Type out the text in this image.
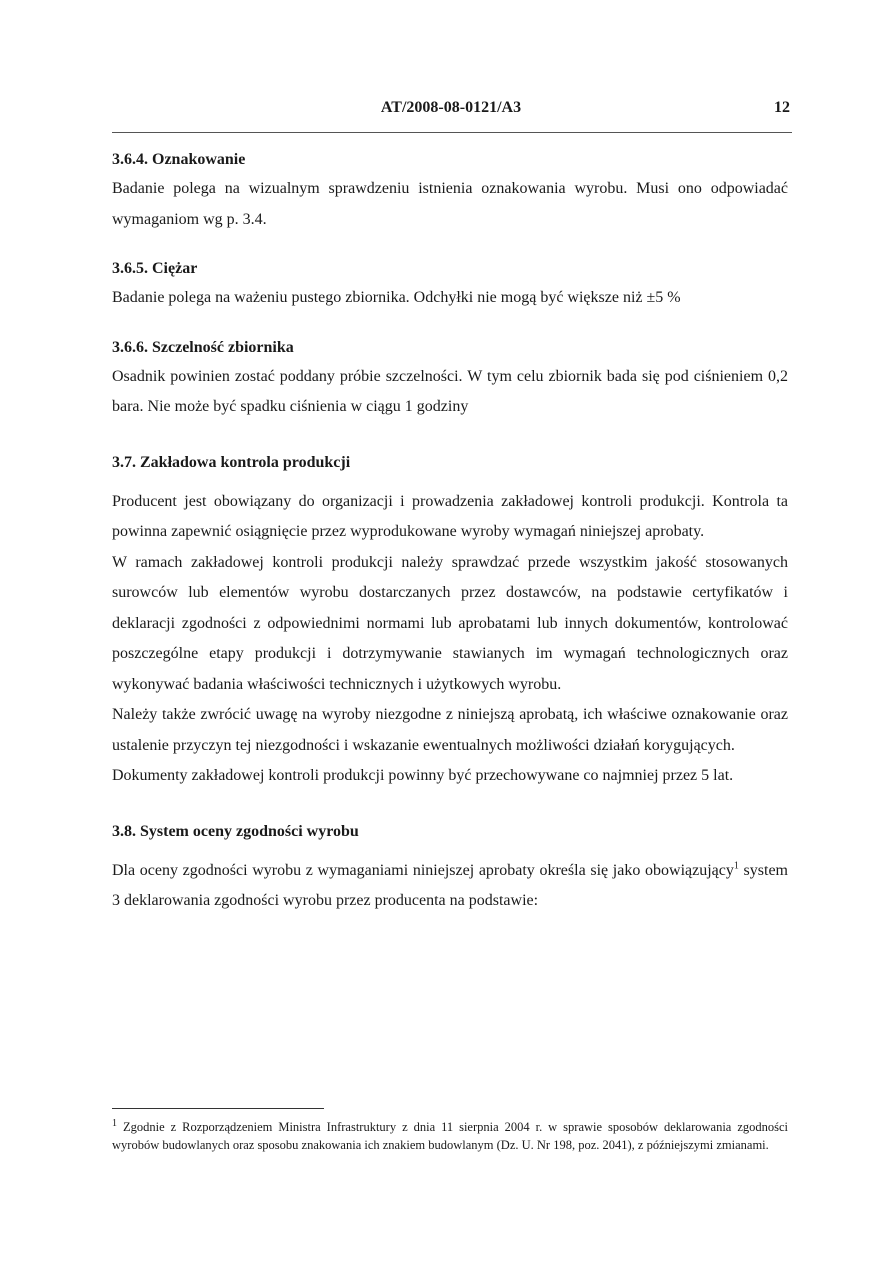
AT/2008-08-0121/A3	12

3.6.4. Oznakowanie

Badanie polega na wizualnym sprawdzeniu istnienia oznakowania wyrobu. Musi ono odpowiadać wymaganiom wg p. 3.4.

3.6.5. Ciężar

Badanie polega na ważeniu pustego zbiornika. Odchyłki nie mogą być większe niż ±5 %

3.6.6. Szczelność zbiornika

Osadnik powinien zostać poddany próbie szczelności. W tym celu zbiornik bada się pod ciśnieniem 0,2 bara. Nie może być spadku ciśnienia w ciągu 1 godziny

3.7. Zakładowa kontrola produkcji

Producent jest obowiązany do organizacji i prowadzenia zakładowej kontroli produkcji. Kontrola ta powinna zapewnić osiągnięcie przez wyprodukowane wyroby wymagań niniejszej aprobaty.

W ramach zakładowej kontroli produkcji należy sprawdzać przede wszystkim jakość stosowanych surowców lub elementów wyrobu dostarczanych przez dostawców, na podstawie certyfikatów i deklaracji zgodności z odpowiednimi normami lub aprobatami lub innych dokumentów, kontrolować poszczególne etapy produkcji i dotrzymywanie stawianych im wymagań technologicznych oraz wykonywać badania właściwości technicznych i użytkowych wyrobu.

Należy także zwrócić uwagę na wyroby niezgodne z niniejszą aprobatą, ich właściwe oznakowanie oraz ustalenie przyczyn tej niezgodności i wskazanie ewentualnych możliwości działań korygujących.

Dokumenty zakładowej kontroli produkcji powinny być przechowywane co najmniej przez 5 lat.

3.8. System oceny zgodności wyrobu

Dla oceny zgodności wyrobu z wymaganiami niniejszej aprobaty określa się jako obowiązujący$^1$ system 3 deklarowania zgodności wyrobu przez producenta na podstawie:

$^1$ Zgodnie z Rozporządzeniem Ministra Infrastruktury z dnia 11 sierpnia 2004 r. w sprawie sposobów deklarowania zgodności wyrobów budowlanych oraz sposobu znakowania ich znakiem budowlanym (Dz. U. Nr 198, poz. 2041), z późniejszymi zmianami.
